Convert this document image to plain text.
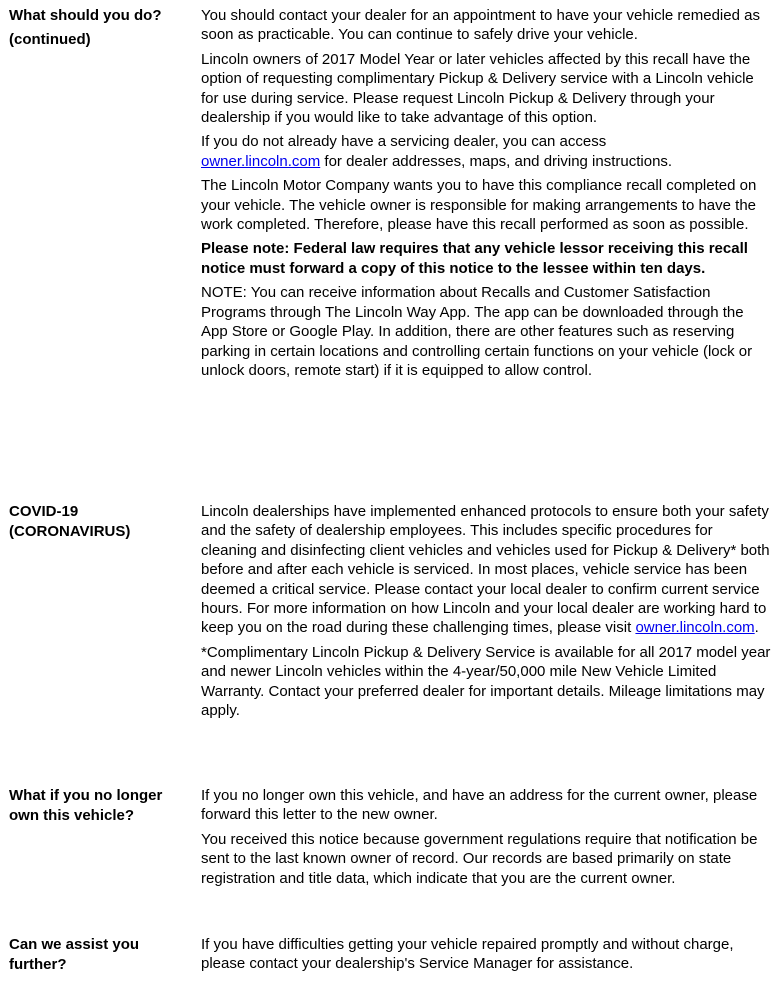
What should you do?
(continued)

You should contact your dealer for an appointment to have your vehicle remedied as soon as practicable. You can continue to safely drive your vehicle.

Lincoln owners of 2017 Model Year or later vehicles affected by this recall have the option of requesting complimentary Pickup & Delivery service with a Lincoln vehicle for use during service. Please request Lincoln Pickup & Delivery through your dealership if you would like to take advantage of this option.

If you do not already have a servicing dealer, you can access
owner.lincoln.com for dealer addresses, maps, and driving instructions.

The Lincoln Motor Company wants you to have this compliance recall completed on your vehicle. The vehicle owner is responsible for making arrangements to have the work completed. Therefore, please have this recall performed as soon as possible.

Please note: Federal law requires that any vehicle lessor receiving this recall notice must forward a copy of this notice to the lessee within ten days.

NOTE: You can receive information about Recalls and Customer Satisfaction Programs through The Lincoln Way App. The app can be downloaded through the App Store or Google Play. In addition, there are other features such as reserving parking in certain locations and controlling certain functions on your vehicle (lock or unlock doors, remote start) if it is equipped to allow control.

COVID-19
(CORONAVIRUS)

Lincoln dealerships have implemented enhanced protocols to ensure both your safety and the safety of dealership employees. This includes specific procedures for cleaning and disinfecting client vehicles and vehicles used for Pickup & Delivery* both before and after each vehicle is serviced. In most places, vehicle service has been deemed a critical service. Please contact your local dealer to confirm current service hours. For more information on how Lincoln and your local dealer are working hard to keep you on the road during these challenging times, please visit owner.lincoln.com.

*Complimentary Lincoln Pickup & Delivery Service is available for all 2017 model year and newer Lincoln vehicles within the 4-year/50,000 mile New Vehicle Limited Warranty. Contact your preferred dealer for important details. Mileage limitations may apply.

What if you no longer
own this vehicle?

If you no longer own this vehicle, and have an address for the current owner, please forward this letter to the new owner.

You received this notice because government regulations require that notification be sent to the last known owner of record. Our records are based primarily on state registration and title data, which indicate that you are the current owner.

Can we assist you
further?

If you have difficulties getting your vehicle repaired promptly and without charge, please contact your dealership's Service Manager for assistance.
